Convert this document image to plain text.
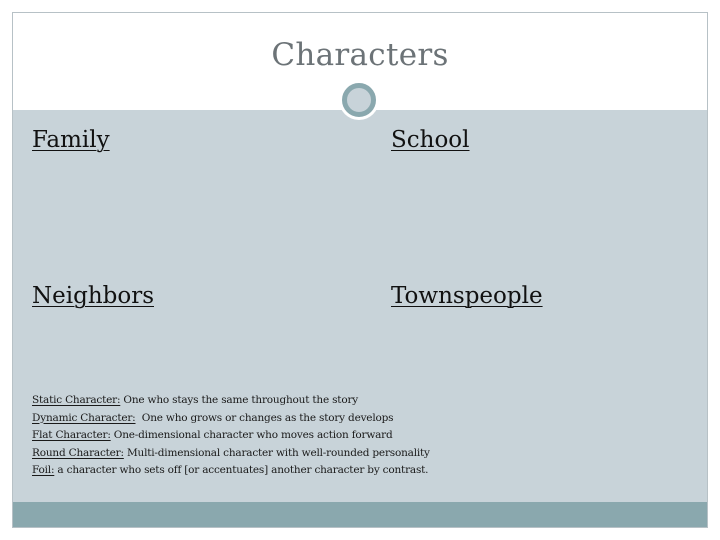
Characters
Family	School
Neighbors	Townspeople
Static Character: One who stays the same throughout the story
Dynamic Character:  One who grows or changes as the story develops
Flat Character: One-dimensional character who moves action forward
Round Character: Multi-dimensional character with well-rounded personality
Foil: a character who sets off [or accentuates] another character by contrast.
